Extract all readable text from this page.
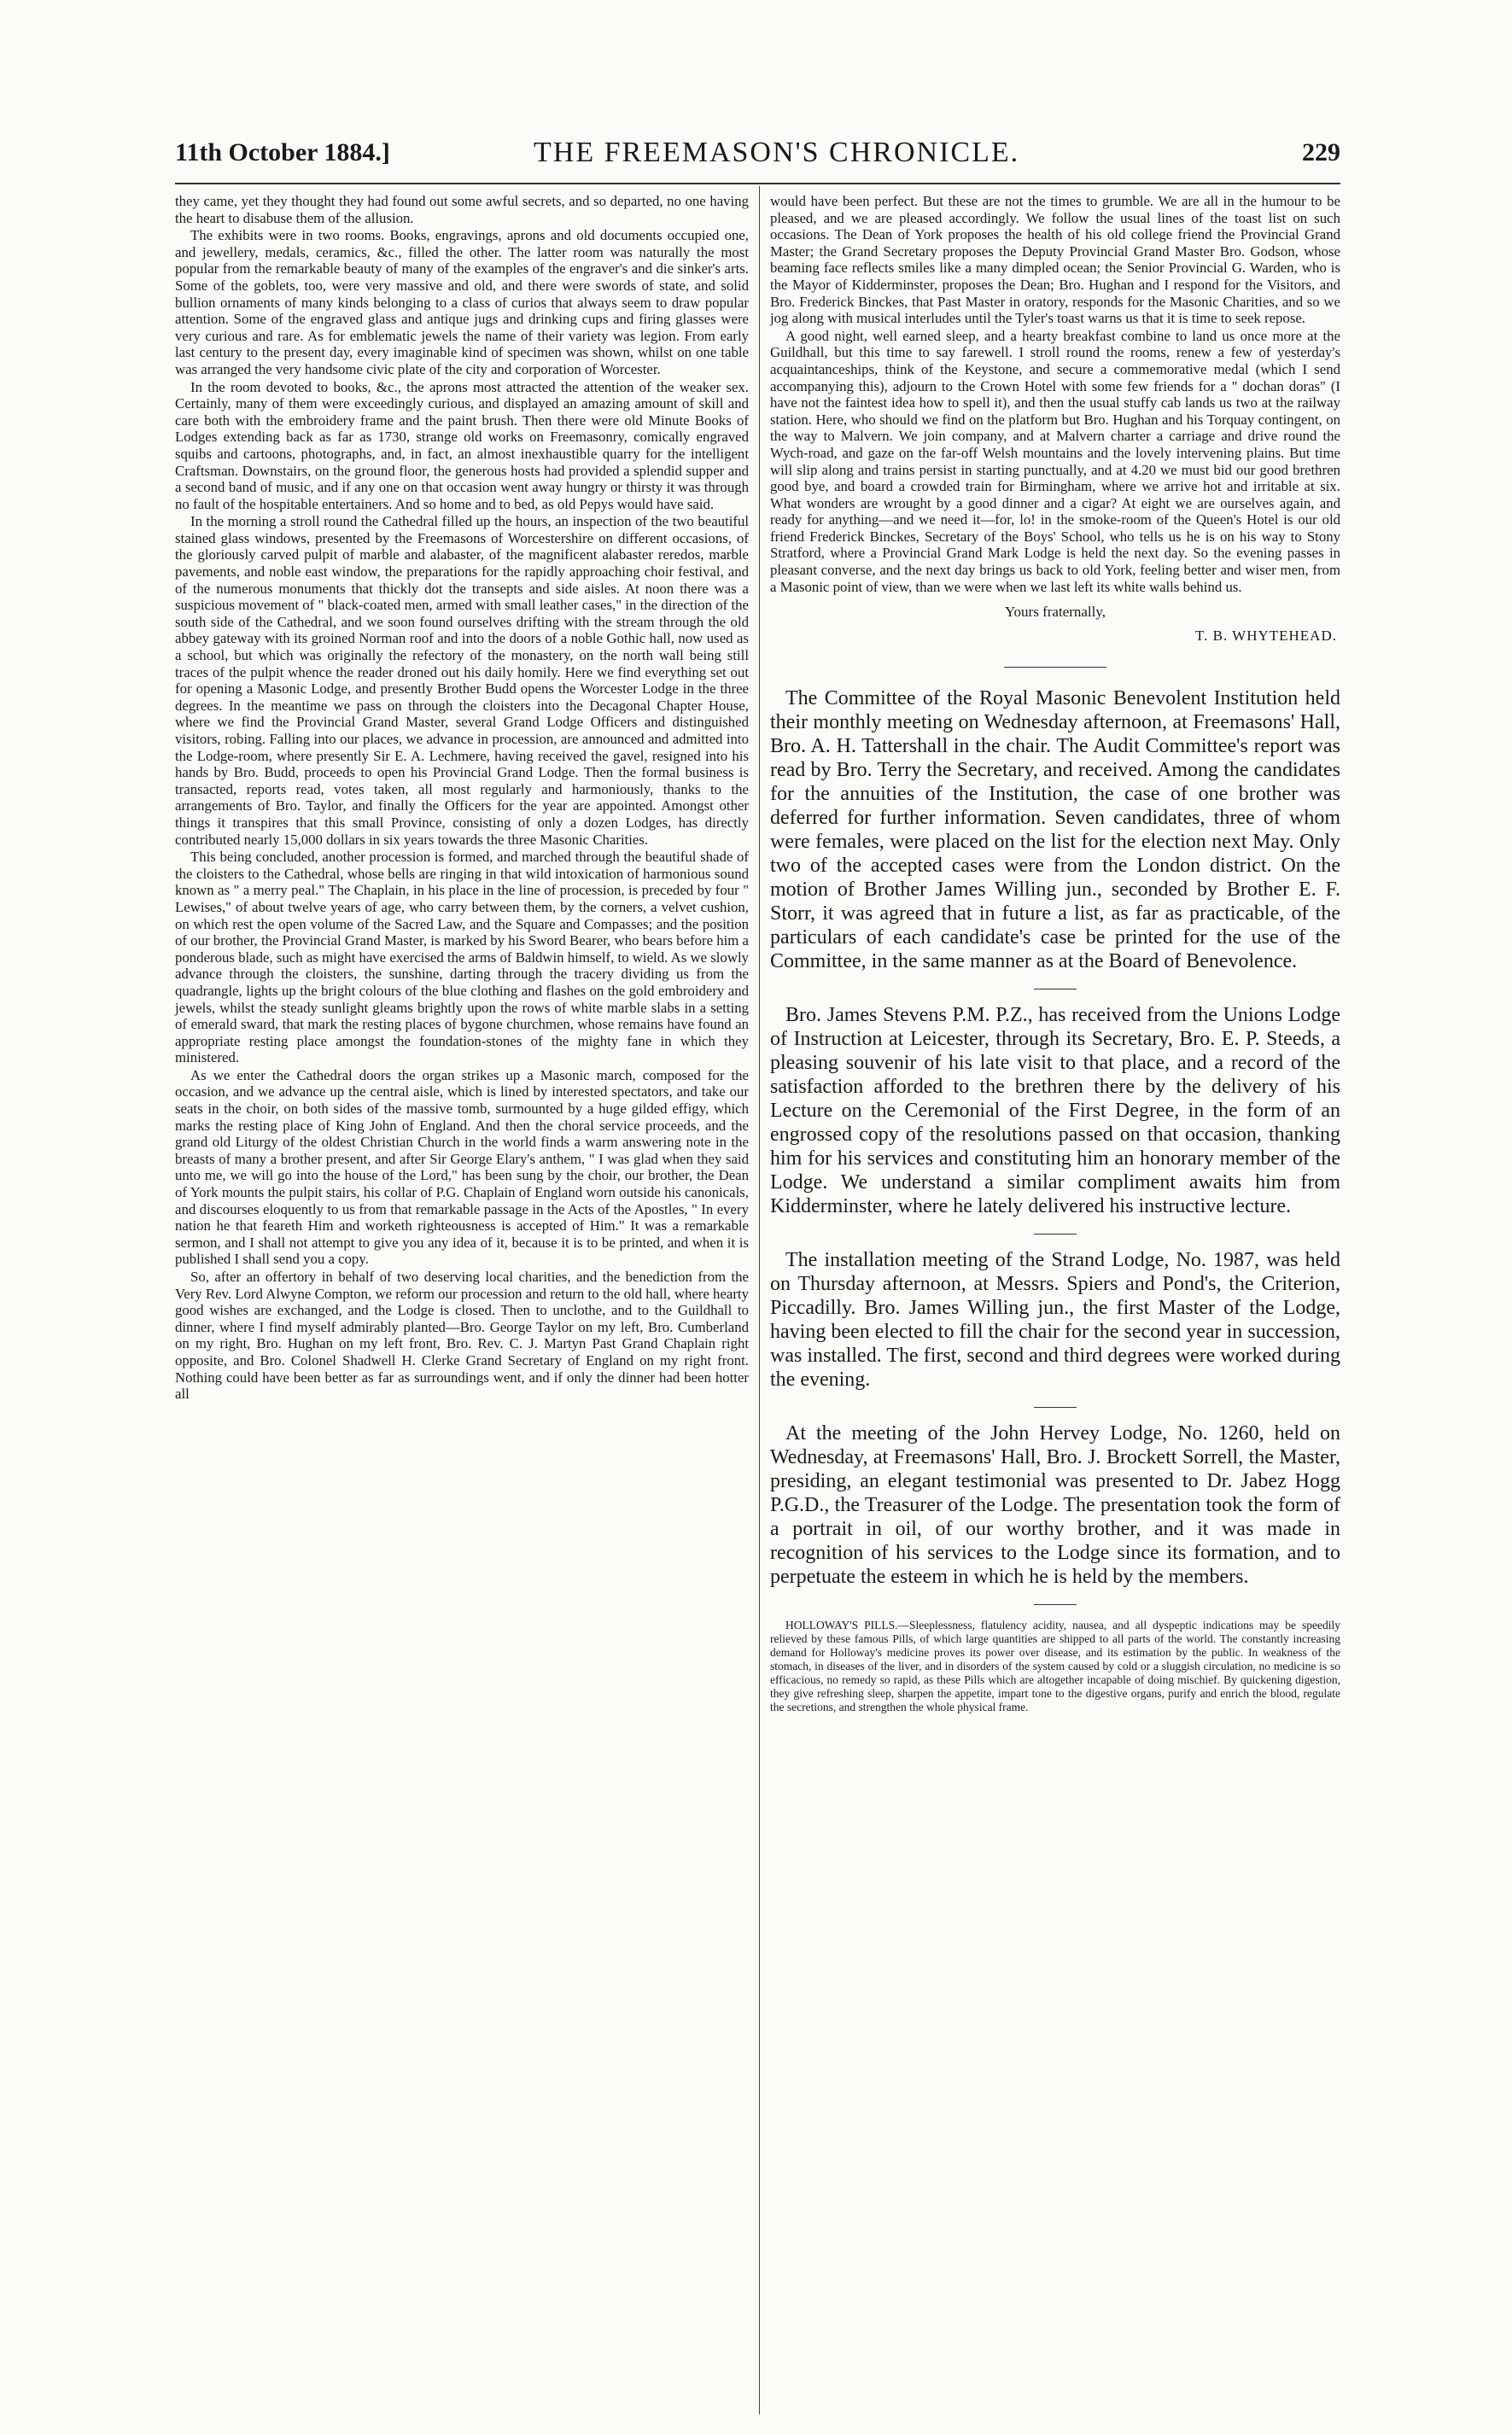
11th October 1884.]	THE FREEMASON'S CHRONICLE.	229

they came, yet they thought they had found out some awful secrets, and so departed, no one having the heart to disabuse them of the allusion.

The exhibits were in two rooms. Books, engravings, aprons and old documents occupied one, and jewellery, medals, ceramics, &c., filled the other. The latter room was naturally the most popular from the remarkable beauty of many of the examples of the engraver's and die sinker's arts. Some of the goblets, too, were very massive and old, and there were swords of state, and solid bullion ornaments of many kinds belonging to a class of curios that always seem to draw popular attention. Some of the engraved glass and antique jugs and drinking cups and firing glasses were very curious and rare. As for emblematic jewels the name of their variety was legion. From early last century to the present day, every imaginable kind of specimen was shown, whilst on one table was arranged the very handsome civic plate of the city and corporation of Worcester.

In the room devoted to books, &c., the aprons most attracted the attention of the weaker sex. Certainly, many of them were exceedingly curious, and displayed an amazing amount of skill and care both with the embroidery frame and the paint brush. Then there were old Minute Books of Lodges extending back as far as 1730, strange old works on Freemasonry, comically engraved squibs and cartoons, photographs, and, in fact, an almost inexhaustible quarry for the intelligent Craftsman. Downstairs, on the ground floor, the generous hosts had provided a splendid supper and a second band of music, and if any one on that occasion went away hungry or thirsty it was through no fault of the hospitable entertainers. And so home and to bed, as old Pepys would have said.

In the morning a stroll round the Cathedral filled up the hours, an inspection of the two beautiful stained glass windows, presented by the Freemasons of Worcestershire on different occasions, of the gloriously carved pulpit of marble and alabaster, of the magnificent alabaster reredos, marble pavements, and noble east window, the preparations for the rapidly approaching choir festival, and of the numerous monuments that thickly dot the transepts and side aisles. At noon there was a suspicious movement of " black-coated men, armed with small leather cases," in the direction of the south side of the Cathedral, and we soon found ourselves drifting with the stream through the old abbey gateway with its groined Norman roof and into the doors of a noble Gothic hall, now used as a school, but which was originally the refectory of the monastery, on the north wall being still traces of the pulpit whence the reader droned out his daily homily. Here we find everything set out for opening a Masonic Lodge, and presently Brother Budd opens the Worcester Lodge in the three degrees. In the meantime we pass on through the cloisters into the Decagonal Chapter House, where we find the Provincial Grand Master, several Grand Lodge Officers and distinguished visitors, robing. Falling into our places, we advance in procession, are announced and admitted into the Lodge-room, where presently Sir E. A. Lechmere, having received the gavel, resigned into his hands by Bro. Budd, proceeds to open his Provincial Grand Lodge. Then the formal business is transacted, reports read, votes taken, all most regularly and harmoniously, thanks to the arrangements of Bro. Taylor, and finally the Officers for the year are appointed. Amongst other things it transpires that this small Province, consisting of only a dozen Lodges, has directly contributed nearly 15,000 dollars in six years towards the three Masonic Charities.

This being concluded, another procession is formed, and marched through the beautiful shade of the cloisters to the Cathedral, whose bells are ringing in that wild intoxication of harmonious sound known as " a merry peal." The Chaplain, in his place in the line of procession, is preceded by four " Lewises," of about twelve years of age, who carry between them, by the corners, a velvet cushion, on which rest the open volume of the Sacred Law, and the Square and Compasses; and the position of our brother, the Provincial Grand Master, is marked by his Sword Bearer, who bears before him a ponderous blade, such as might have exercised the arms of Baldwin himself, to wield. As we slowly advance through the cloisters, the sunshine, darting through the tracery dividing us from the quadrangle, lights up the bright colours of the blue clothing and flashes on the gold embroidery and jewels, whilst the steady sunlight gleams brightly upon the rows of white marble slabs in a setting of emerald sward, that mark the resting places of bygone churchmen, whose remains have found an appropriate resting place amongst the foundation-stones of the mighty fane in which they ministered.

As we enter the Cathedral doors the organ strikes up a Masonic march, composed for the occasion, and we advance up the central aisle, which is lined by interested spectators, and take our seats in the choir, on both sides of the massive tomb, surmounted by a huge gilded effigy, which marks the resting place of King John of England. And then the choral service proceeds, and the grand old Liturgy of the oldest Christian Church in the world finds a warm answering note in the breasts of many a brother present, and after Sir George Elary's anthem, " I was glad when they said unto me, we will go into the house of the Lord," has been sung by the choir, our brother, the Dean of York mounts the pulpit stairs, his collar of P.G. Chaplain of England worn outside his canonicals, and discourses eloquently to us from that remarkable passage in the Acts of the Apostles, " In every nation he that feareth Him and worketh righteousness is accepted of Him." It was a remarkable sermon, and I shall not attempt to give you any idea of it, because it is to be printed, and when it is published I shall send you a copy.

So, after an offertory in behalf of two deserving local charities, and the benediction from the Very Rev. Lord Alwyne Compton, we reform our procession and return to the old hall, where hearty good wishes are exchanged, and the Lodge is closed. Then to unclothe, and to the Guildhall to dinner, where I find myself admirably planted—Bro. George Taylor on my left, Bro. Cumberland on my right, Bro. Hughan on my left front, Bro. Rev. C. J. Martyn Past Grand Chaplain right opposite, and Bro. Colonel Shadwell H. Clerke Grand Secretary of England on my right front. Nothing could have been better as far as surroundings went, and if only the dinner had been hotter all

would have been perfect. But these are not the times to grumble. We are all in the humour to be pleased, and we are pleased accordingly. We follow the usual lines of the toast list on such occasions. The Dean of York proposes the health of his old college friend the Provincial Grand Master; the Grand Secretary proposes the Deputy Provincial Grand Master Bro. Godson, whose beaming face reflects smiles like a many dimpled ocean; the Senior Provincial G. Warden, who is the Mayor of Kidderminster, proposes the Dean; Bro. Hughan and I respond for the Visitors, and Bro. Frederick Binckes, that Past Master in oratory, responds for the Masonic Charities, and so we jog along with musical interludes until the Tyler's toast warns us that it is time to seek repose.

A good night, well earned sleep, and a hearty breakfast combine to land us once more at the Guildhall, but this time to say farewell. I stroll round the rooms, renew a few of yesterday's acquaintanceships, think of the Keystone, and secure a commemorative medal (which I send accompanying this), adjourn to the Crown Hotel with some few friends for a " dochan doras" (I have not the faintest idea how to spell it), and then the usual stuffy cab lands us two at the railway station. Here, who should we find on the platform but Bro. Hughan and his Torquay contingent, on the way to Malvern. We join company, and at Malvern charter a carriage and drive round the Wych-road, and gaze on the far-off Welsh mountains and the lovely intervening plains. But time will slip along and trains persist in starting punctually, and at 4.20 we must bid our good brethren good bye, and board a crowded train for Birmingham, where we arrive hot and irritable at six. What wonders are wrought by a good dinner and a cigar? At eight we are ourselves again, and ready for anything—and we need it—for, lo! in the smoke-room of the Queen's Hotel is our old friend Frederick Binckes, Secretary of the Boys' School, who tells us he is on his way to Stony Stratford, where a Provincial Grand Mark Lodge is held the next day. So the evening passes in pleasant converse, and the next day brings us back to old York, feeling better and wiser men, from a Masonic point of view, than we were when we last left its white walls behind us.

Yours fraternally,
T. B. WHYTEHEAD.

The Committee of the Royal Masonic Benevolent Institution held their monthly meeting on Wednesday afternoon, at Freemasons' Hall, Bro. A. H. Tattershall in the chair. The Audit Committee's report was read by Bro. Terry the Secretary, and received. Among the candidates for the annuities of the Institution, the case of one brother was deferred for further information. Seven candidates, three of whom were females, were placed on the list for the election next May. Only two of the accepted cases were from the London district. On the motion of Brother James Willing jun., seconded by Brother E. F. Storr, it was agreed that in future a list, as far as practicable, of the particulars of each candidate's case be printed for the use of the Committee, in the same manner as at the Board of Benevolence.

Bro. James Stevens P.M. P.Z., has received from the Unions Lodge of Instruction at Leicester, through its Secretary, Bro. E. P. Steeds, a pleasing souvenir of his late visit to that place, and a record of the satisfaction afforded to the brethren there by the delivery of his Lecture on the Ceremonial of the First Degree, in the form of an engrossed copy of the resolutions passed on that occasion, thanking him for his services and constituting him an honorary member of the Lodge. We understand a similar compliment awaits him from Kidderminster, where he lately delivered his instructive lecture.

The installation meeting of the Strand Lodge, No. 1987, was held on Thursday afternoon, at Messrs. Spiers and Pond's, the Criterion, Piccadilly. Bro. James Willing jun., the first Master of the Lodge, having been elected to fill the chair for the second year in succession, was installed. The first, second and third degrees were worked during the evening.

At the meeting of the John Hervey Lodge, No. 1260, held on Wednesday, at Freemasons' Hall, Bro. J. Brockett Sorrell, the Master, presiding, an elegant testimonial was presented to Dr. Jabez Hogg P.G.D., the Treasurer of the Lodge. The presentation took the form of a portrait in oil, of our worthy brother, and it was made in recognition of his services to the Lodge since its formation, and to perpetuate the esteem in which he is held by the members.

HOLLOWAY'S PILLS.—Sleeplessness, flatulency acidity, nausea, and all dyspeptic indications may be speedily relieved by these famous Pills, of which large quantities are shipped to all parts of the world. The constantly increasing demand for Holloway's medicine proves its power over disease, and its estimation by the public. In weakness of the stomach, in diseases of the liver, and in disorders of the system caused by cold or a sluggish circulation, no medicine is so efficacious, no remedy so rapid, as these Pills which are altogether incapable of doing mischief. By quickening digestion, they give refreshing sleep, sharpen the appetite, impart tone to the digestive organs, purify and enrich the blood, regulate the secretions, and strengthen the whole physical frame.
